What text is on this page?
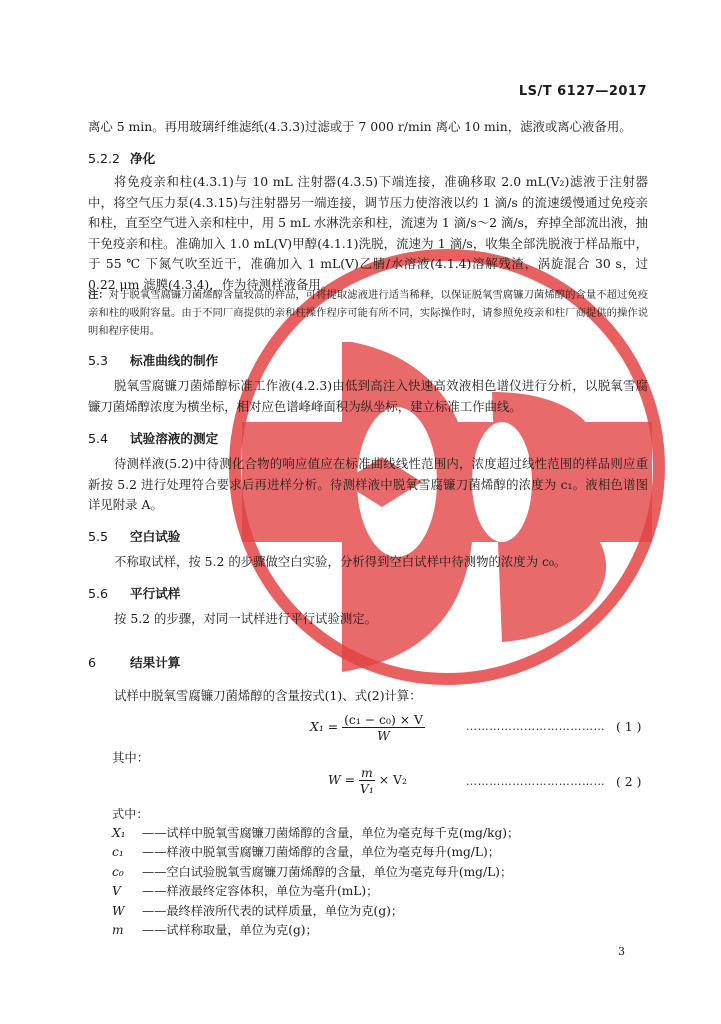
LS/T 6127—2017
离心 5 min。再用玻璃纤维滤纸(4.3.3)过滤或于 7 000 r/min 离心 10 min，滤液或离心液备用。
5.2.2 净化
将免疫亲和柱(4.3.1)与 10 mL 注射器(4.3.5)下端连接，准确移取 2.0 mL(V₂)滤液于注射器中，将空气压力泵(4.3.15)与注射器另一端连接，调节压力使溶液以约 1 滴/s 的流速缓慢通过免疫亲和柱，直至空气进入亲和柱中，用 5 mL 水淋洗亲和柱，流速为 1 滴/s～2 滴/s，弃掉全部流出液，抽干免疫亲和柱。准确加入 1.0 mL(V)甲醇(4.1.1)洗脱，流速为 1 滴/s，收集全部洗脱液于样品瓶中，于 55 ℃ 下氮气吹至近干，准确加入 1 mL(V)乙腈/水溶液(4.1.4)溶解残渣，涡旋混合 30 s，过 0.22 μm 滤膜(4.3.4)，作为待测样液备用。
注：对于脱氧雪腐镰刀菌烯醇含量较高的样品，可将提取滤液进行适当稀释，以保证脱氧雪腐镰刀菌烯醇的含量不超过免疫亲和柱的吸附容量。由于不同厂商提供的亲和柱操作程序可能有所不同，实际操作时，请参照免疫亲和柱厂商提供的操作说明和程序使用。
5.3 标准曲线的制作
脱氧雪腐镰刀菌烯醇标准工作液(4.2.3)由低到高注入快速高效液相色谱仪进行分析，以脱氧雪腐镰刀菌烯醇浓度为横坐标，相对应色谱峰峰面积为纵坐标，建立标准工作曲线。
5.4 试验溶液的测定
待测样液(5.2)中待测化合物的响应值应在标准曲线线性范围内，浓度超过线性范围的样品则应重新按 5.2 进行处理符合要求后再进样分析。待测样液中脱氧雪腐镰刀菌烯醇的浓度为 c₁。液相色谱图详见附录 A。
5.5 空白试验
不称取试样，按 5.2 的步骤做空白实验，分析得到空白试样中待测物的浓度为 c₀。
5.6 平行试样
按 5.2 的步骤，对同一试样进行平行试验测定。
6	结果计算
试样中脱氧雪腐镰刀菌烯醇的含量按式(1)、式(2)计算：
$X_1 = \frac{\text{(c₁ − c₀) × V}}{W}$	……………………………… ( 1 )
其中：
$W = \frac{m}{\text{V₁}} \times V_2$	……………………………… ( 2 )
式中：
X₁ ——试样中脱氧雪腐镰刀菌烯醇的含量，单位为毫克每千克(mg/kg)；
c₁ ——样液中脱氧雪腐镰刀菌烯醇的含量，单位为毫克每升(mg/L)；
c₀ ——空白试验脱氧雪腐镰刀菌烯醇的含量，单位为毫克每升(mg/L)；
V ——样液最终定容体积，单位为毫升(mL)；
W ——最终样液所代表的试样质量，单位为克(g)；
m ——试样称取量，单位为克(g)；
3
